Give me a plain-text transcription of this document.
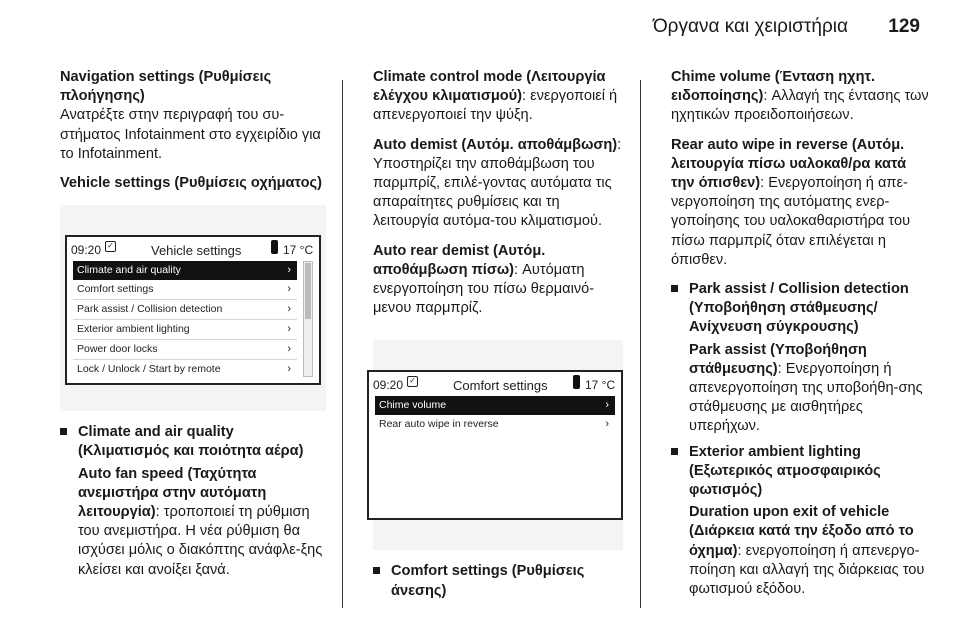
Όργανα και χειριστήρια 129

Navigation settings (Ρυθμίσεις πλοήγησης)

Ανατρέξτε στην περιγραφή του συ-στήματος Infotainment στο εγχειρίδιο για το Infotainment.

Vehicle settings (Ρυθμίσεις οχήματος)

09:20 ✓	Vehicle settings	17 °C
Climate and air quality	›
Comfort settings	›
Park assist / Collision detection	›
Exterior ambient lighting	›
Power door locks	›
Lock / Unlock / Start by remote	›
Climate and air quality (Κλιματισμός και ποιότητα αέρα)

Auto fan speed (Ταχύτητα ανεμιστήρα στην αυτόματη λειτουργία): τροποποιεί τη ρύθμιση του ανεμιστήρα. Η νέα ρύθμιση θα ισχύσει μόλις ο διακόπτης ανάφλε-ξης κλείσει και ανοίξει ξανά.

Climate control mode (Λειτουργία ελέγχου κλιματισμού): ενεργοποιεί ή απενεργοποιεί την ψύξη.

Auto demist (Αυτόμ. αποθάμβωση): Υποστηρίζει την αποθάμβωση του παρμπρίζ, επιλέ-γοντας αυτόματα τις απαραίτητες ρυθμίσεις και τη λειτουργία αυτόμα-του κλιματισμού.

Auto rear demist (Αυτόμ. αποθάμβωση πίσω): Αυτόματη ενεργοποίηση του πίσω θερμαινό-μενου παρμπρίζ.

09:20 ✓	Comfort settings	17 °C
Chime volume	›
Rear auto wipe in reverse	›
Comfort settings (Ρυθμίσεις άνεσης)

Chime volume (Ένταση ηχητ. ειδοποίησης): Αλλαγή της έντασης των ηχητικών προειδοποιήσεων.

Rear auto wipe in reverse (Αυτόμ. λειτουργία πίσω υαλοκαθ/ρα κατά την όπισθεν): Ενεργοποίηση ή απε-νεργοποίηση της αυτόματης ενερ-γοποίησης του υαλοκαθαριστήρα του πίσω παρμπρίζ όταν επιλέγεται η όπισθεν.

Park assist / Collision detection (Υποβοήθηση στάθμευσης/ Ανίχνευση σύγκρουσης)

Park assist (Υποβοήθηση στάθμευσης): Ενεργοποίηση ή απενεργοποίηση της υποβοήθη-σης στάθμευσης με αισθητήρες υπερήχων.

Exterior ambient lighting (Εξωτερικός ατμοσφαιρικός φωτισμός)

Duration upon exit of vehicle (Διάρκεια κατά την έξοδο από το όχημα): ενεργοποίηση ή απενεργο-ποίηση και αλλαγή της διάρκειας του φωτισμού εξόδου.
